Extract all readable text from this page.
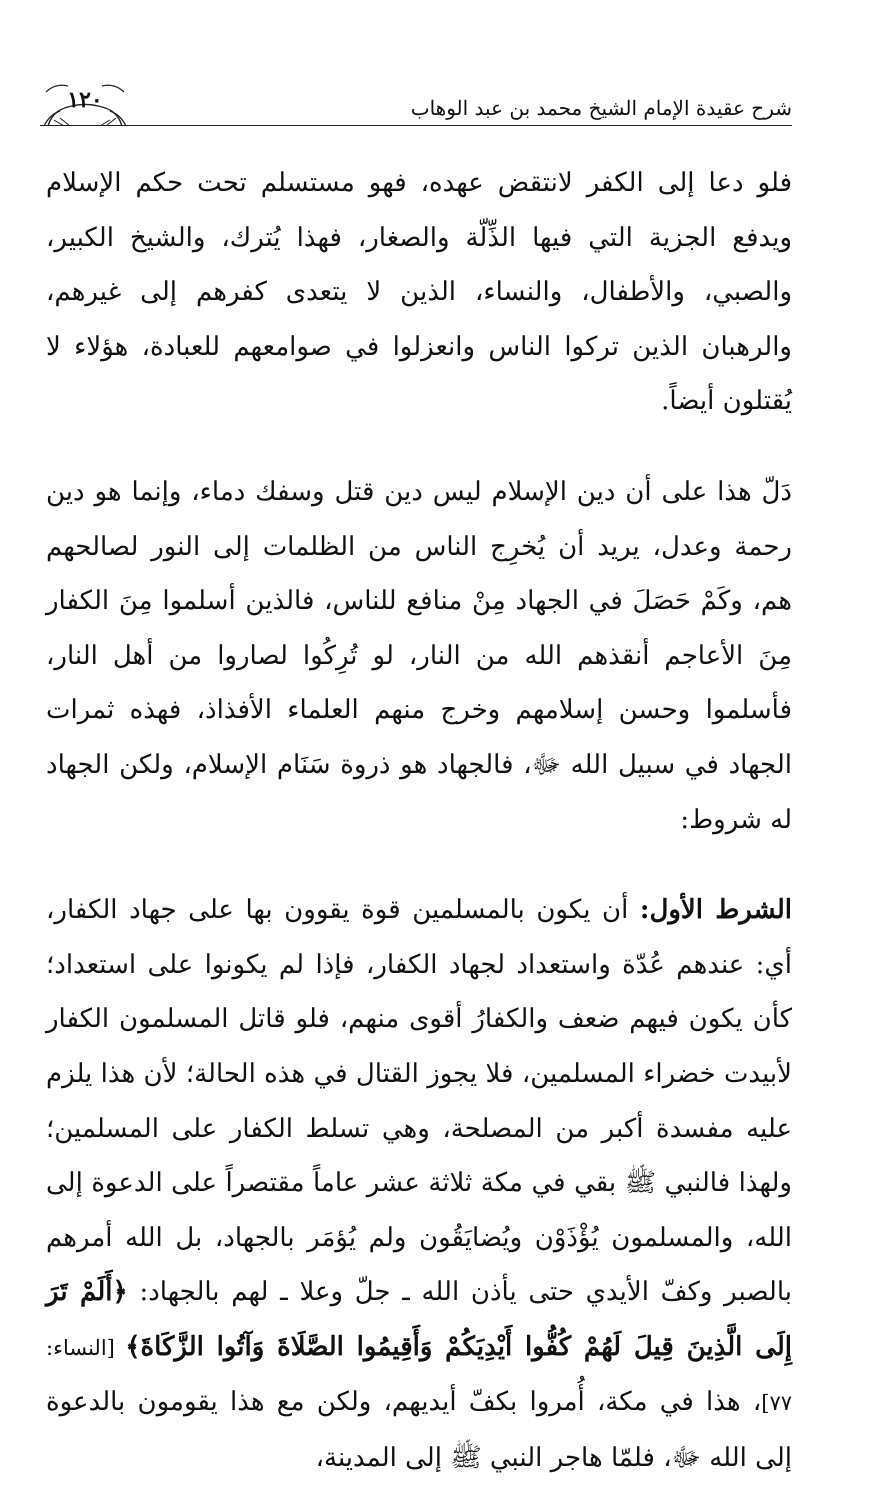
شرح عقيدة الإمام الشيخ محمد بن عبد الوهاب
١٢٠

فلو دعا إلى الكفر لانتقض عهده، فهو مستسلم تحت حكم الإسلام ويدفع الجزية التي فيها الذِّلّة والصغار، فهذا يُترك، والشيخ الكبير، والصبي، والأطفال، والنساء، الذين لا يتعدى كفرهم إلى غيرهم، والرهبان الذين تركوا الناس وانعزلوا في صوامعهم للعبادة، هؤلاء لا يُقتلون أيضاً.

دَلّ هذا على أن دين الإسلام ليس دين قتل وسفك دماء، وإنما هو دين رحمة وعدل، يريد أن يُخرِج الناس من الظلمات إلى النور لصالحهم هم، وكَمْ حَصَلَ في الجهاد مِنْ منافع للناس، فالذين أسلموا مِنَ الكفار مِنَ الأعاجم أنقذهم الله من النار، لو تُرِكُوا لصاروا من أهل النار، فأسلموا وحسن إسلامهم وخرج منهم العلماء الأفذاذ، فهذه ثمرات الجهاد في سبيل الله ﷻ، فالجهاد هو ذروة سَنَام الإسلام، ولكن الجهاد له شروط:

الشرط الأول: أن يكون بالمسلمين قوة يقوون بها على جهاد الكفار، أي: عندهم عُدّة واستعداد لجهاد الكفار، فإذا لم يكونوا على استعداد؛ كأن يكون فيهم ضعف والكفارُ أقوى منهم، فلو قاتل المسلمون الكفار لأبيدت خضراء المسلمين، فلا يجوز القتال في هذه الحالة؛ لأن هذا يلزم عليه مفسدة أكبر من المصلحة، وهي تسلط الكفار على المسلمين؛ ولهذا فالنبي ﷺ بقي في مكة ثلاثة عشر عاماً مقتصراً على الدعوة إلى الله، والمسلمون يُؤْذَوْن ويُضايَقُون ولم يُؤمَر بالجهاد، بل الله أمرهم بالصبر وكفّ الأيدي حتى يأذن الله ـ جلّ وعلا ـ لهم بالجهاد: ﴿أَلَمْ تَرَ إِلَى الَّذِينَ قِيلَ لَهُمْ كُفُّوا أَيْدِيَكُمْ وَأَقِيمُوا الصَّلَاةَ وَآتُوا الزَّكَاةَ﴾ [النساء: ٧٧]، هذا في مكة، أُمروا بكفّ أيديهم، ولكن مع هذا يقومون بالدعوة إلى الله ﷻ، فلمّا هاجر النبي ﷺ إلى المدينة،
